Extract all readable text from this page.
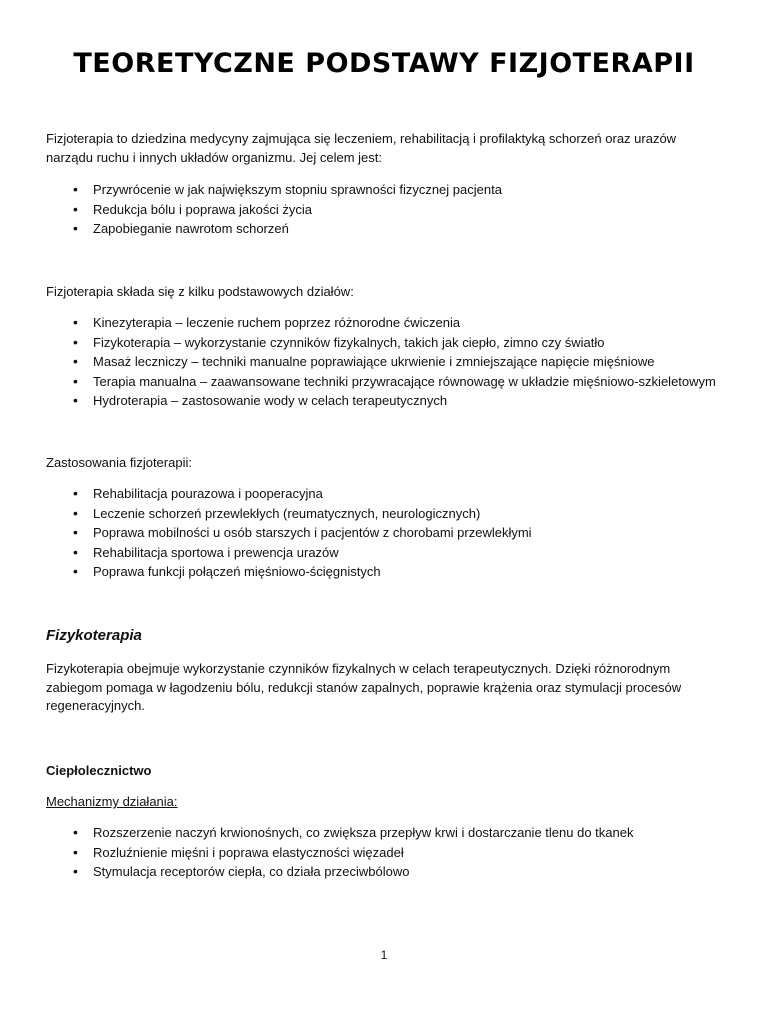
TEORETYCZNE PODSTAWY FIZJOTERAPII
Fizjoterapia to dziedzina medycyny zajmująca się leczeniem, rehabilitacją i profilaktyką schorzeń oraz urazów narządu ruchu i innych układów organizmu. Jej celem jest:
• Przywrócenie w jak największym stopniu sprawności fizycznej pacjenta
• Redukcja bólu i poprawa jakości życia
• Zapobieganie nawrotom schorzeń
Fizjoterapia składa się z kilku podstawowych działów:
• Kinezyterapia – leczenie ruchem poprzez różnorodne ćwiczenia
• Fizykoterapia – wykorzystanie czynników fizykalnych, takich jak ciepło, zimno czy światło
• Masaż leczniczy – techniki manualne poprawiające ukrwienie i zmniejszające napięcie mięśniowe
• Terapia manualna – zaawansowane techniki przywracające równowagę w układzie mięśniowo-szkieletowym
• Hydroterapia – zastosowanie wody w celach terapeutycznych
Zastosowania fizjoterapii:
• Rehabilitacja pourazowa i pooperacyjna
• Leczenie schorzeń przewlekłych (reumatycznych, neurologicznych)
• Poprawa mobilności u osób starszych i pacjentów z chorobami przewlekłymi
• Rehabilitacja sportowa i prewencja urazów
• Poprawa funkcji połączeń mięśniowo-ścięgnistych
Fizykoterapia
Fizykoterapia obejmuje wykorzystanie czynników fizykalnych w celach terapeutycznych. Dzięki różnorodnym zabiegom pomaga w łagodzeniu bólu, redukcji stanów zapalnych, poprawie krążenia oraz stymulacji procesów regeneracyjnych.
Ciepłolecznictwo
Mechanizmy działania:
• Rozszerzenie naczyń krwionośnych, co zwiększa przepływ krwi i dostarczanie tlenu do tkanek
• Rozluźnienie mięśni i poprawa elastyczności więzadeł
• Stymulacja receptorów ciepła, co działa przeciwbólowo
1
